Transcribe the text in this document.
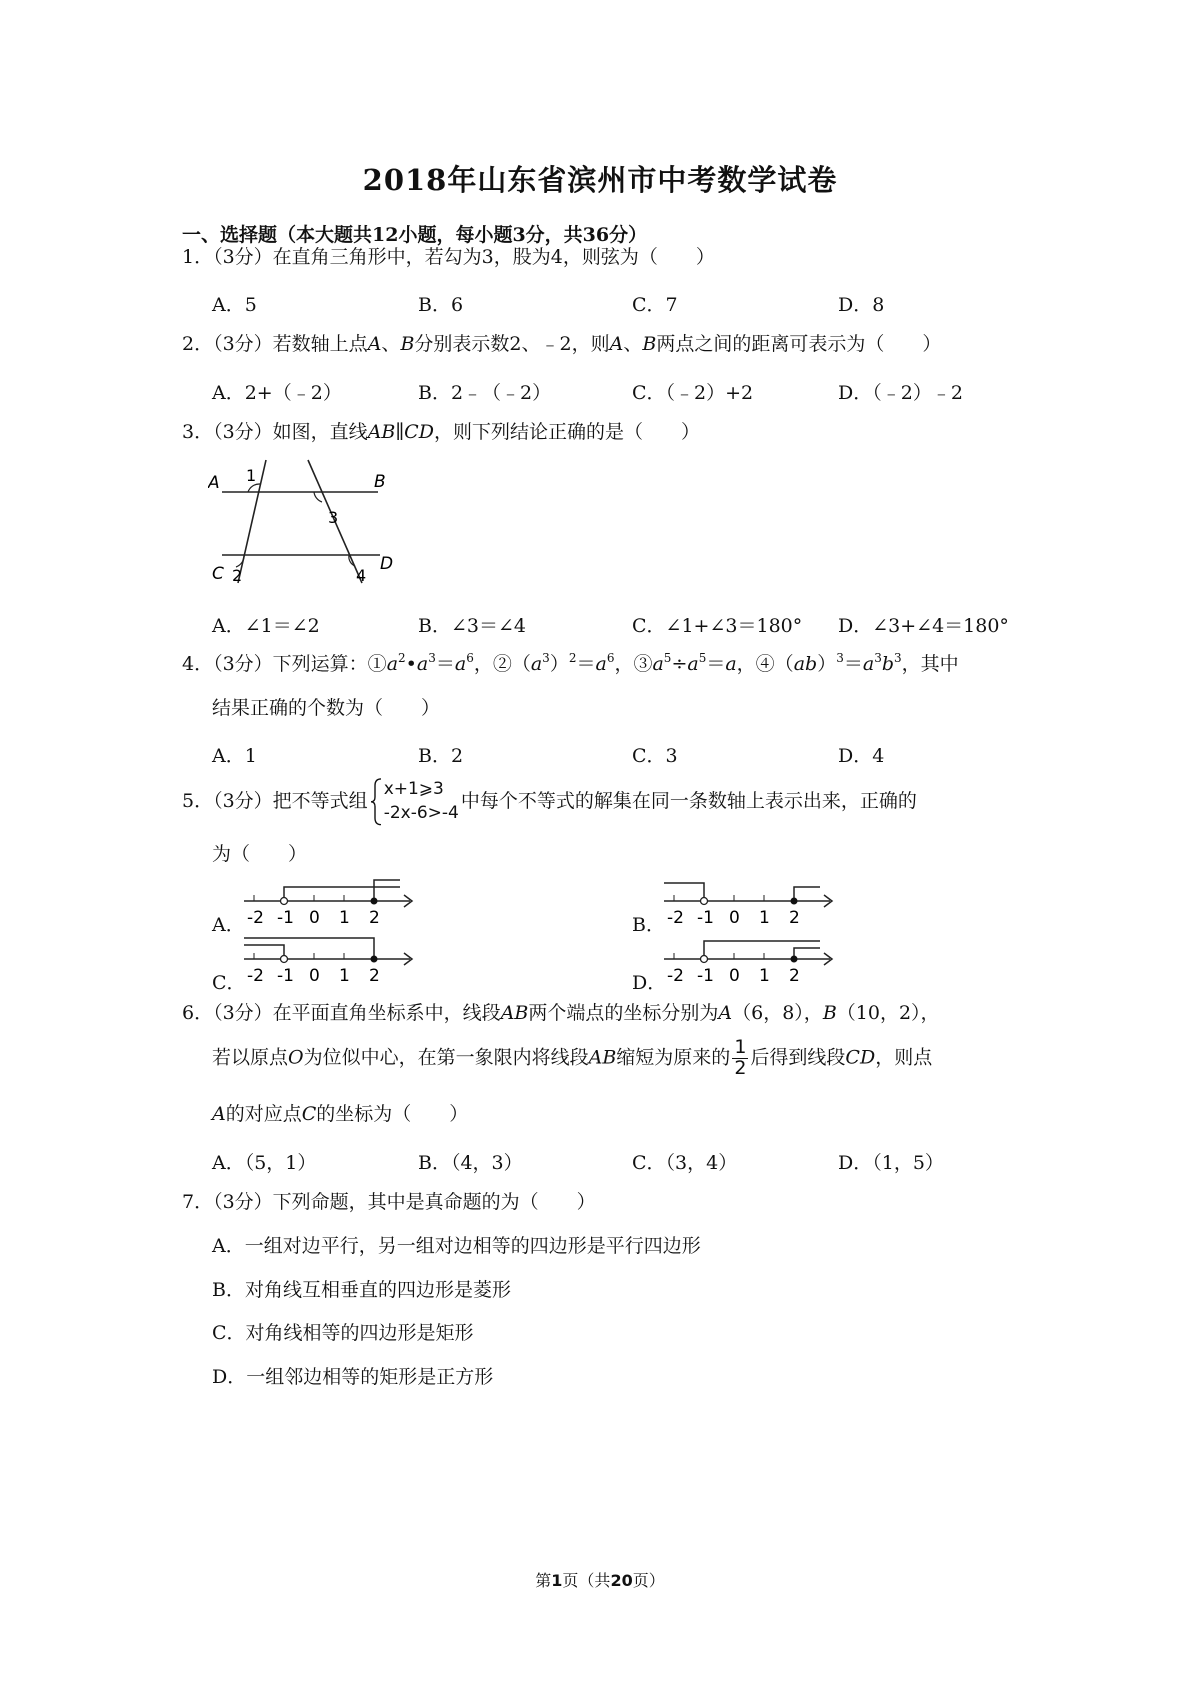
2018年山东省滨州市中考数学试卷
一、选择题（本大题共12小题，每小题3分，共36分）
1．（3分）在直角三角形中，若勾为3，股为4，则弦为（　　）
A．5	B．6	C．7	D．8
2．（3分）若数轴上点A、B分别表示数2、﹣2，则A、B两点之间的距离可表示为（　　）
A．2+（﹣2）	B．2﹣（﹣2）	C．（﹣2）+2	D．（﹣2）﹣2
3．（3分）如图，直线AB∥CD，则下列结论正确的是（　　）
A 1	B
3
C 2	4
D
A．∠1＝∠2	B．∠3＝∠4	C．∠1+∠3＝180° D．∠3+∠4＝180°
4．（3分）下列运算：$①a^2•a^3=a^6$，$②(a^3)^2=a^6$，$③a^5\div a^5=a$，$④(ab)^3=a^3b^3$，其中
结果正确的个数为（　　）
A．1	B．2	C．3	D．4
5．（3分）把不等式组
x+1⩾3
-2x-6>-4
中每个不等式的解集在同一条数轴上表示出来，正确的
为（　　）
A．	B．
C．	D．
-2 -1 0 1 2	-2 -1 0 1 2
-2 -1 0 1 2	-2 -1 0 1 2
6．（3分）在平面直角坐标系中，线段AB两个端点的坐标分别为A（6，8），B（10，2），
若以原点O为位似中心，在第一象限内将线段AB缩短为原来的 $\frac{1}{2}$ 后得到线段CD，则点
A的对应点C的坐标为（　　）
A．（5，1）	B．（4，3）	C．（3，4）	D．（1，5）
7．（3分）下列命题，其中是真命题的为（　　）
A．一组对边平行，另一组对边相等的四边形是平行四边形
B．对角线互相垂直的四边形是菱形
C．对角线相等的四边形是矩形
D．一组邻边相等的矩形是正方形
第1页（共20页）
